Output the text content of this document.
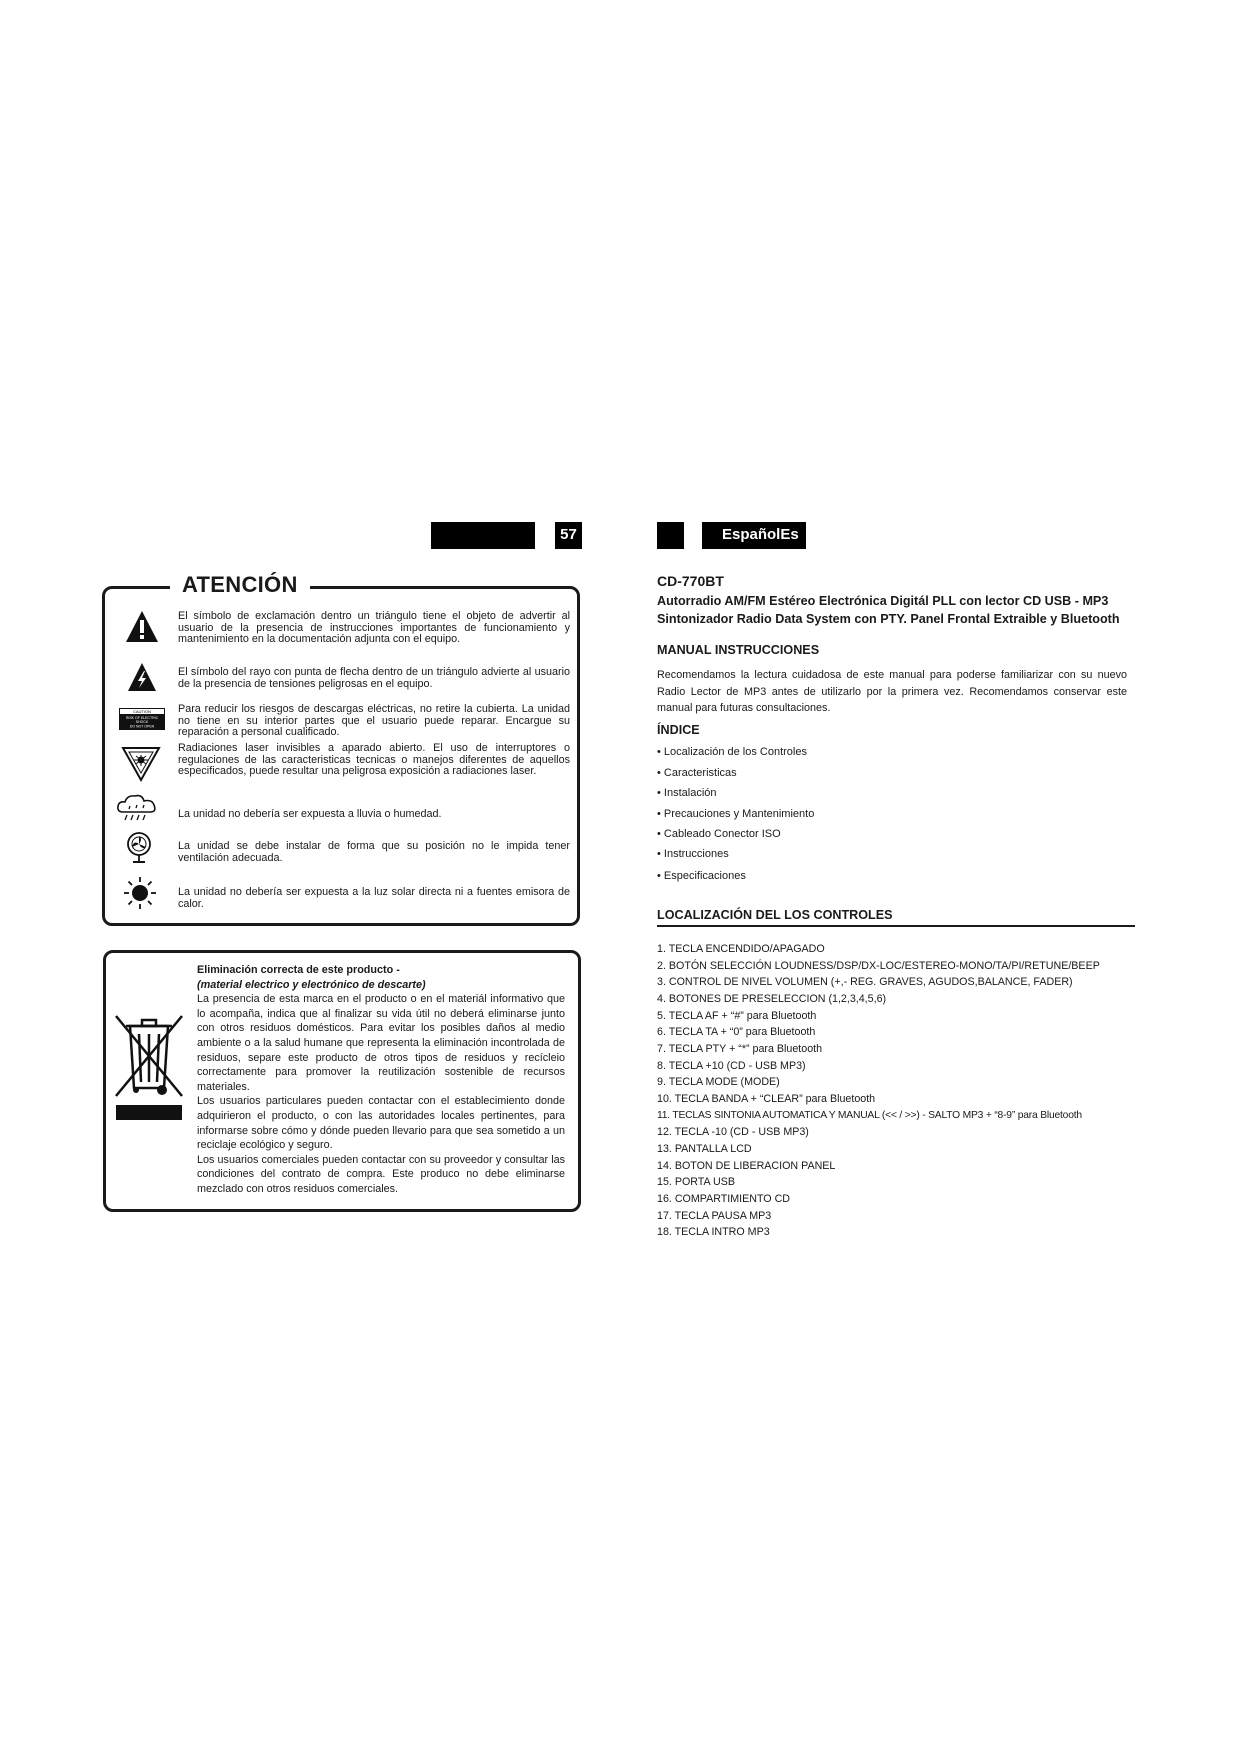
57	EspañolEs
ATENCIÓN
El símbolo de exclamación dentro un triángulo tiene el objeto de advertir al usuario de la presencia de instrucciones importantes de funcionamiento y mantenimiento en la documentación adjunta con el equipo.
El símbolo del rayo con punta de flecha dentro de un triángulo advierte al usuario de la presencia de tensiones peligrosas en el equipo.
CAUTION
RISK OF ELECTRIC
SHOCK
DO NOT OPEN
Para reducir los riesgos de descargas eléctricas, no retire la cubierta. La unidad no tiene en su interior partes que el usuario puede reparar. Encargue su reparación a personal cualificado.
Radiaciones laser invisibles a aparado abierto. El uso de interruptores o regulaciones de las caracteristicas tecnicas o manejos diferentes de aquellos especificados, puede resultar una peligrosa exposición a radiaciones laser.
La unidad no debería ser expuesta a lluvia o humedad.
La unidad se debe instalar de forma que su posición no le impida tener ventilación adecuada.
La unidad no debería ser expuesta a la luz solar directa ni a fuentes emisora de calor.

Eliminación correcta de este producto -

(material electrico y electrónico de descarte)

La presencia de esta marca en el producto o en el materiál informativo que lo acompaña, indica que al finalizar su vida útil no deberá eliminarse junto con otros residuos domésticos. Para evitar los posibles daños al medio ambiente o a la salud humane que representa la eliminación incontrolada de residuos, separe este producto de otros tipos de residuos y recícleio correctamente para promover la reutilización sostenible de recursos materiales.

Los usuarios particulares pueden contactar con el establecimiento donde adquirieron el producto, o con las autoridades locales pertinentes, para informarse sobre cómo y dónde pueden llevario para que sea sometido a un reciclaje ecológico y seguro.

Los usuarios comerciales pueden contactar con su proveedor y consultar las condiciones del contrato de compra. Este produco no debe eliminarse mezclado con otros residuos comerciales.

CD-770BT
Autorradio AM/FM Estéreo Electrónica Digitál PLL con lector CD USB - MP3 Sintonizador Radio Data System con PTY. Panel Frontal Extraible y Bluetooth
MANUAL INSTRUCCIONES
Recomendamos la lectura cuidadosa de este manual para poderse familiarizar con su nuevo Radio Lector de MP3 antes de utilizarlo por la primera vez. Recomendamos conservar este manual para futuras consultaciones.
ÍNDICE
• Localización de los Controles
• Caracteristicas
• Instalación
• Precauciones y Mantenimiento
• Cableado Conector ISO
• Instrucciones
• Especificaciones
LOCALIZACIÓN DEL LOS CONTROLES
1. TECLA ENCENDIDO/APAGADO
2. BOTÓN SELECCIÓN LOUDNESS/DSP/DX-LOC/ESTEREO-MONO/TA/PI/RETUNE/BEEP
3. CONTROL DE NIVEL VOLUMEN (+,- REG. GRAVES, AGUDOS,BALANCE, FADER)
4. BOTONES DE PRESELECCION (1,2,3,4,5,6)
5. TECLA AF + “#” para Bluetooth
6. TECLA TA + “0” para Bluetooth
7. TECLA PTY + “*” para Bluetooth
8. TECLA +10 (CD - USB MP3)
9. TECLA MODE (MODE)
10. TECLA BANDA + “CLEAR” para Bluetooth
11. TECLAS SINTONIA AUTOMATICA Y MANUAL (<< / >>) - SALTO MP3 + “8-9” para Bluetooth
12. TECLA -10 (CD - USB MP3)
13. PANTALLA LCD
14. BOTON DE LIBERACION PANEL
15. PORTA USB
16. COMPARTIMIENTO CD
17. TECLA PAUSA MP3
18. TECLA INTRO MP3
